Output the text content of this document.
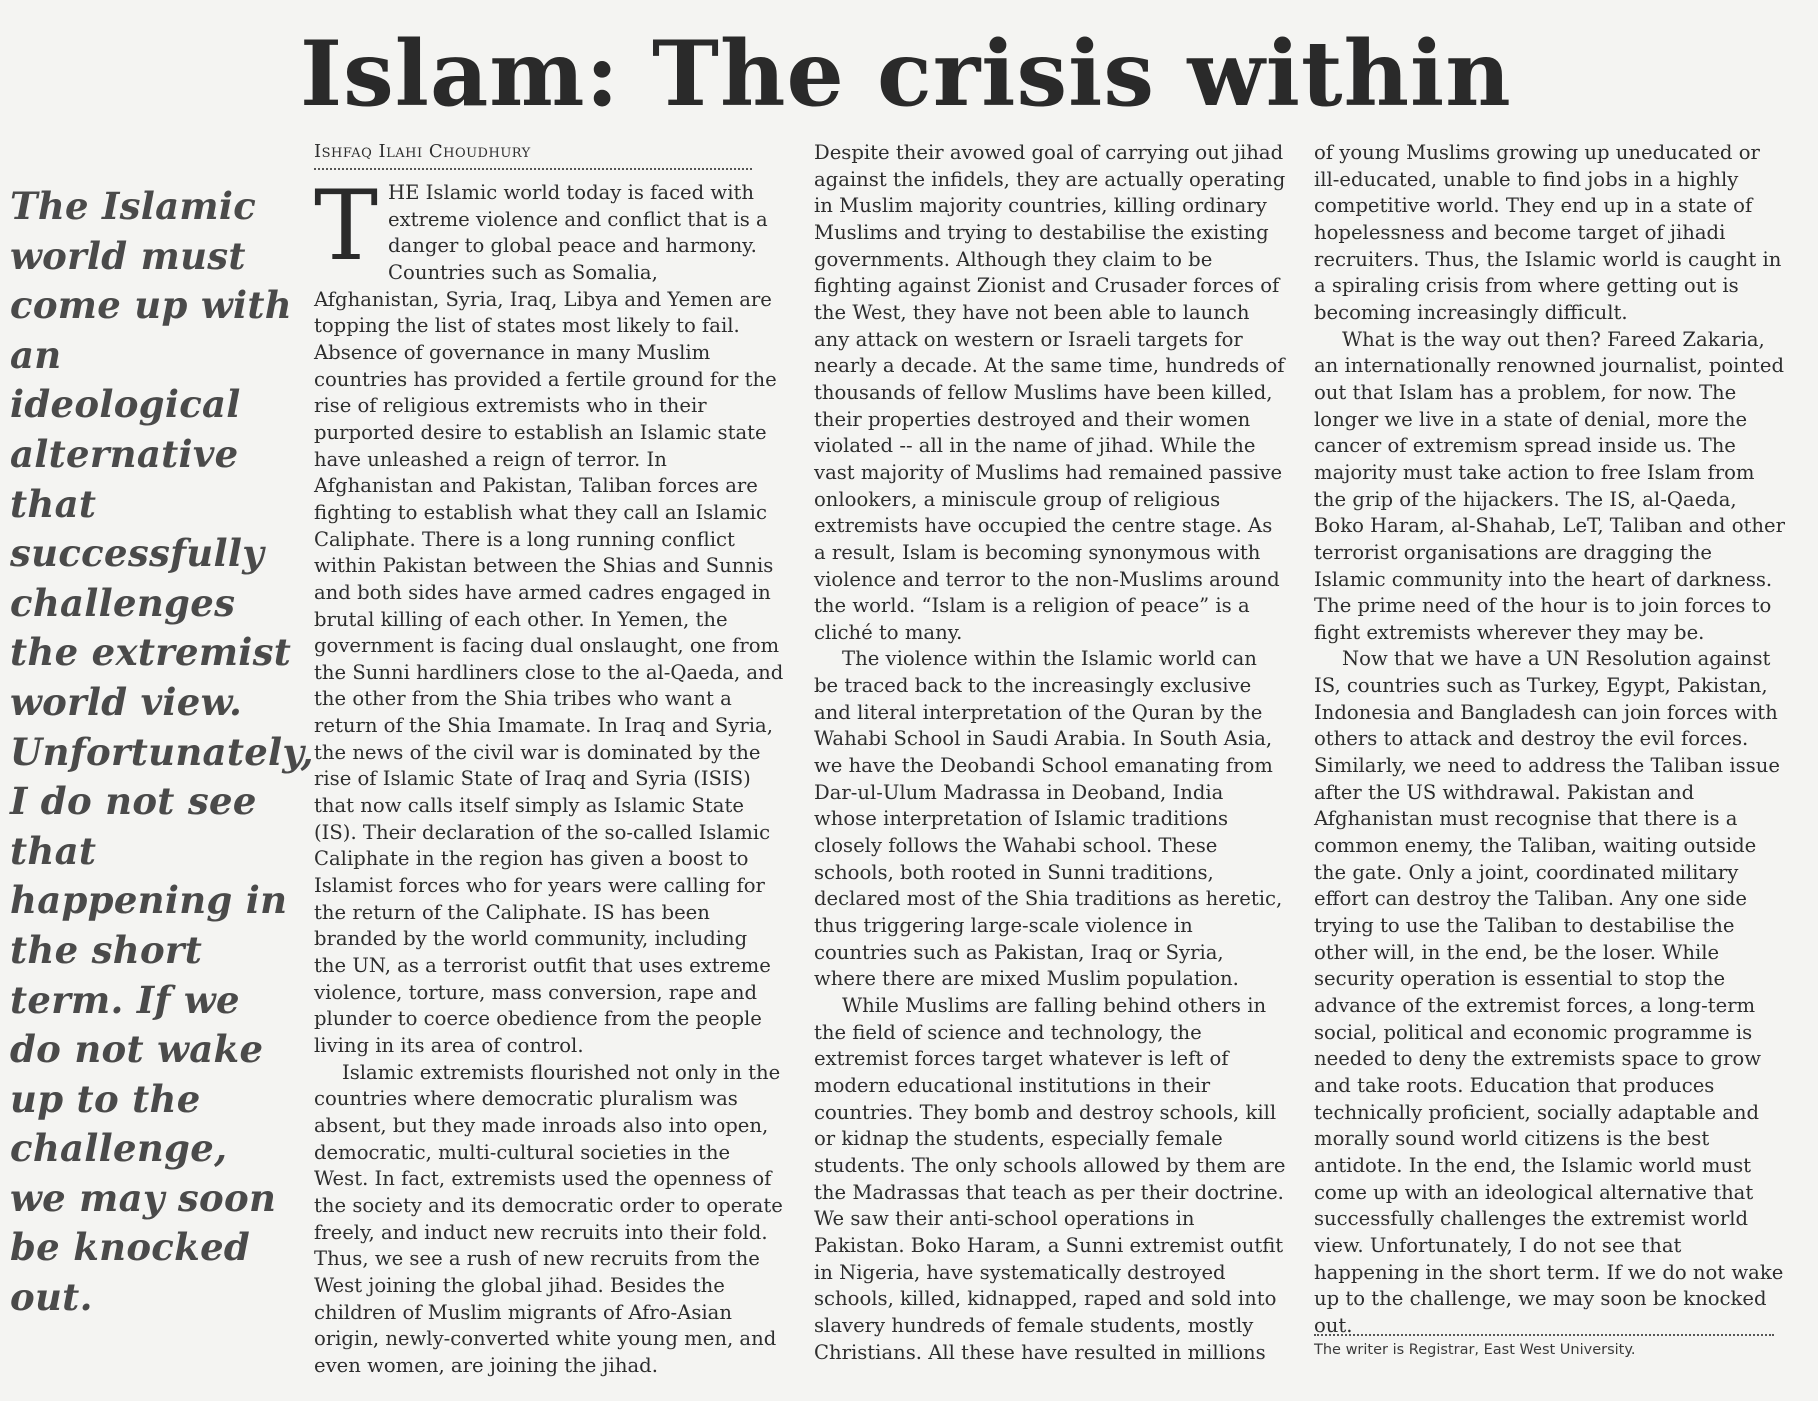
Islam: The crisis within
The Islamic world must come up with an ideological alternative that successfully challenges the extremist world view. Unfortunately, I do not see that happening in the short term. If we do not wake up to the challenge, we may soon be knocked out.
Ishfaq Ilahi Choudhury

THE Islamic world today is faced with extreme violence and conflict that is a danger to global peace and harmony. Countries such as Somalia, Afghanistan, Syria, Iraq, Libya and Yemen are topping the list of states most likely to fail. Absence of governance in many Muslim countries has provided a fertile ground for the rise of religious extremists who in their purported desire to establish an Islamic state have unleashed a reign of terror. In Afghanistan and Pakistan, Taliban forces are fighting to establish what they call an Islamic Caliphate. There is a long running conflict within Pakistan between the Shias and Sunnis and both sides have armed cadres engaged in brutal killing of each other. In Yemen, the government is facing dual onslaught, one from the Sunni hardliners close to the al-Qaeda, and the other from the Shia tribes who want a return of the Shia Imamate. In Iraq and Syria, the news of the civil war is dominated by the rise of Islamic State of Iraq and Syria (ISIS) that now calls itself simply as Islamic State (IS). Their declaration of the so-called Islamic Caliphate in the region has given a boost to Islamist forces who for years were calling for the return of the Caliphate. IS has been branded by the world community, including the UN, as a terrorist outfit that uses extreme violence, torture, mass conversion, rape and plunder to coerce obedience from the people living in its area of control.

Islamic extremists flourished not only in the countries where democratic pluralism was absent, but they made inroads also into open, democratic, multi-cultural societies in the West. In fact, extremists used the openness of the society and its democratic order to operate freely, and induct new recruits into their fold. Thus, we see a rush of new recruits from the West joining the global jihad. Besides the children of Muslim migrants of Afro-Asian origin, newly-converted white young men, and even women, are joining the jihad.

Despite their avowed goal of carrying out jihad against the infidels, they are actually operating in Muslim majority countries, killing ordinary Muslims and trying to destabilise the existing governments. Although they claim to be fighting against Zionist and Crusader forces of the West, they have not been able to launch any attack on western or Israeli targets for nearly a decade. At the same time, hundreds of thousands of fellow Muslims have been killed, their properties destroyed and their women violated -- all in the name of jihad. While the vast majority of Muslims had remained passive onlookers, a miniscule group of religious extremists have occupied the centre stage. As a result, Islam is becoming synonymous with violence and terror to the non-Muslims around the world. “Islam is a religion of peace” is a cliché to many.

The violence within the Islamic world can be traced back to the increasingly exclusive and literal interpretation of the Quran by the Wahabi School in Saudi Arabia. In South Asia, we have the Deobandi School emanating from Dar-ul-Ulum Madrassa in Deoband, India whose interpretation of Islamic traditions closely follows the Wahabi school. These schools, both rooted in Sunni traditions, declared most of the Shia traditions as heretic, thus triggering large-scale violence in countries such as Pakistan, Iraq or Syria, where there are mixed Muslim population.

While Muslims are falling behind others in the field of science and technology, the extremist forces target whatever is left of modern educational institutions in their countries. They bomb and destroy schools, kill or kidnap the students, especially female students. The only schools allowed by them are the Madrassas that teach as per their doctrine. We saw their anti-school operations in Pakistan. Boko Haram, a Sunni extremist outfit in Nigeria, have systematically destroyed schools, killed, kidnapped, raped and sold into slavery hundreds of female students, mostly Christians. All these have resulted in millions

of young Muslims growing up uneducated or ill-educated, unable to find jobs in a highly competitive world. They end up in a state of hopelessness and become target of jihadi recruiters. Thus, the Islamic world is caught in a spiraling crisis from where getting out is becoming increasingly difficult.

What is the way out then? Fareed Zakaria, an internationally renowned journalist, pointed out that Islam has a problem, for now. The longer we live in a state of denial, more the cancer of extremism spread inside us. The majority must take action to free Islam from the grip of the hijackers. The IS, al-Qaeda, Boko Haram, al-Shahab, LeT, Taliban and other terrorist organisations are dragging the Islamic community into the heart of darkness. The prime need of the hour is to join forces to fight extremists wherever they may be.

Now that we have a UN Resolution against IS, countries such as Turkey, Egypt, Pakistan, Indonesia and Bangladesh can join forces with others to attack and destroy the evil forces. Similarly, we need to address the Taliban issue after the US withdrawal. Pakistan and Afghanistan must recognise that there is a common enemy, the Taliban, waiting outside the gate. Only a joint, coordinated military effort can destroy the Taliban. Any one side trying to use the Taliban to destabilise the other will, in the end, be the loser. While security operation is essential to stop the advance of the extremist forces, a long-term social, political and economic programme is needed to deny the extremists space to grow and take roots. Education that produces technically proficient, socially adaptable and morally sound world citizens is the best antidote. In the end, the Islamic world must come up with an ideological alternative that successfully challenges the extremist world view. Unfortunately, I do not see that happening in the short term. If we do not wake up to the challenge, we may soon be knocked out.

The writer is Registrar, East West University.
